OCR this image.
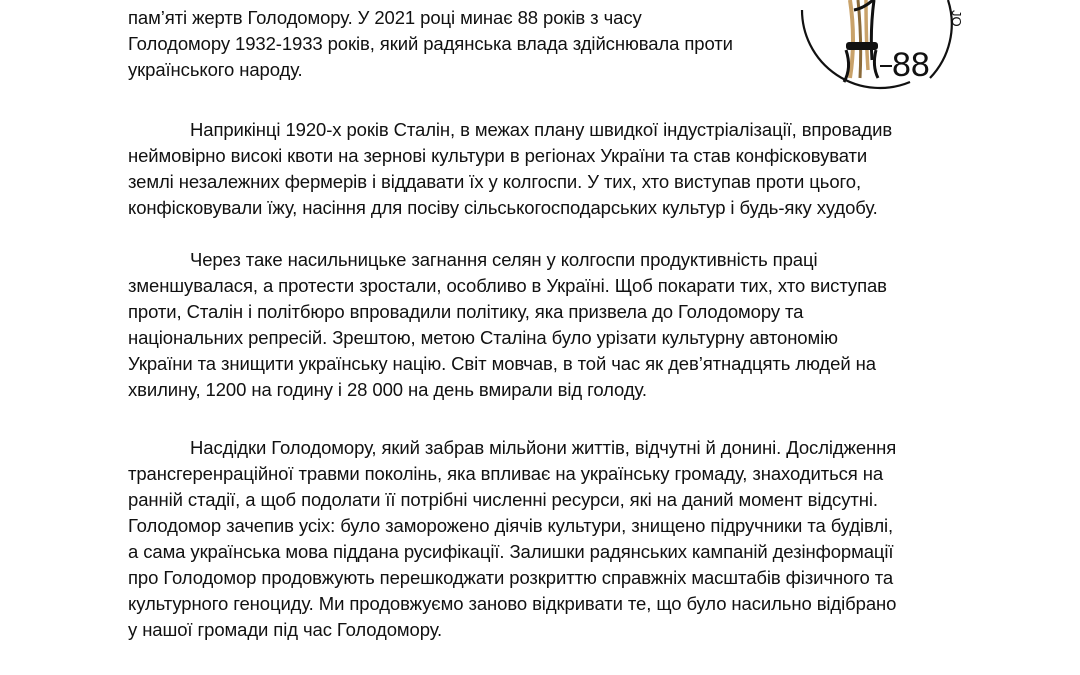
88
JO
пам’яті жертв Голодомору. У 2021 році минає 88 років з часу
Голодомору 1932-1933 років, який радянська влада здійснювала проти
українського народу.
Наприкінці 1920-х років Сталін, в межах плану швидкої індустріалізації, впровадив
неймовірно високі квоти на зернові культури в регіонах України та став конфісковувати
землі незалежних фермерів і віддавати їх у колгоспи. У тих, хто виступав проти цього,
конфісковували їжу, насіння для посіву сільськогосподарських культур і будь-яку худобу.
Через таке насильницьке загнання селян у колгоспи продуктивність праці
зменшувалася, а протести зростали, особливо в Україні. Щоб покарати тих, хто виступав
проти, Сталін і політбюро впровадили політику, яка призвела до Голодомору та
національних репресій. Зрештою, метою Сталіна було урізати культурну автономію
України та знищити українську націю. Світ мовчав, в той час як дев’ятнадцять людей на
хвилину, 1200 на годину і 28 000 на день вмирали від голоду.
Насдідки Голодомору, який забрав мільйони життів, відчутні й донині. Дослідження
трансгеренраційної травми поколінь, яка впливає на українську громаду, знаходиться на
ранній стадії, а щоб подолати її потрібні численні ресурси, які на даний момент відсутні.
Голодомор зачепив усіх: було заморожено діячів культури, знищено підручники та будівлі,
а сама українська мова піддана русифікації. Залишки радянських кампаній дезінформації
про Голодомор продовжують перешкоджати розкриттю справжніх масштабів фізичного та
культурного геноциду. Ми продовжуємо заново відкривати те, що було насильно відібрано
у нашої громади під час Голодомору.
